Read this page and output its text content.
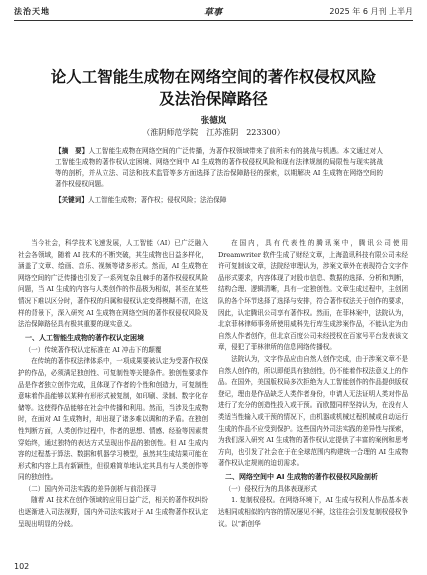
法治天地	草事	2025 年 6 月刊 上半月
论人工智能生成物在网络空间的著作权侵权风险
及法治保障路径
张德岚
（淮阴师范学院　江苏淮阴　223300）
【摘　要】人工智能生成物在网络空间的广泛传播，为著作权领域带来了前所未有的挑战与机遇。本文通过对人工智能生成物的著作权认定困境、网络空间中 AI 生成物的著作权侵权风险和现有法律规制的局限性与现实挑战等的剖析，并从立法、司法和技术监管等多方面选择了法治保障路径的探索，以期解决 AI 生成物在网络空间的著作权侵权问题。
【关键词】人工智能生成物；著作权；侵权风险；法治保障

当今社会，科学技术飞速发展，人工智能（AI）已广泛融入社会各领域，随着 AI 技术的不断突破，其生成物也日益多样化，涵盖了文章、绘画、音乐、视频等诸多形式。然而，AI 生成物在网络空间的广泛传播也引发了一系列复杂且棘手的著作权侵权风险问题，当 AI 生成的内容与人类创作的作品极为相似，甚至在某些情况下难以区分时，著作权的归属和侵权认定变得模糊不清，在这样的背景下，深入研究 AI 生成物在网络空间的著作权侵权风险及法治保障路径具有极其重要的现实意义。

一、人工智能生成物的著作权认定困境
（一）传统著作权认定标准在 AI 冲击下的颠覆

在传统的著作权法律体系中，一项成果要被认定为受著作权保护的作品，必须满足独创性、可复制性等关键条件。独创性要求作品是作者独立创作完成，且体现了作者的个性和创造力，可复制性意味着作品能够以某种有形形式被复制，如印刷、录制、数字化存储等。这使得作品能够在社会中传播和利用。然而，当涉及生成物时，在面对 AI 生成物时，却出现了诸多难以调和的矛盾。在独创性判断方面，人类创作过程中，作者的思想、情感、经验等因素贯穿始终，通过独特的表达方式呈现出作品的独创性。但 AI 生成内容的过程基于算法、数据和机器学习模型，虽然其生成结果可能在形式和内容上具有新颖性，但很难简单地认定其具有与人类创作等同的独创性。

（二）国内外司法实践的差异剖析与前沿探寻

随着 AI 技术在创作领域的应用日益广泛，相关的著作权纠纷也逐渐进入司法视野，国内外司法实践对于 AI 生成物著作权认定呈现出明显的分歧。

在国内，具有代表性的腾讯案中，腾讯公司使用 Dreamwriter 软件生成了财经文章，上海盈讯科技有限公司未经许可复制该文章，法院经审理认为，涉案文章外在表现符合文字作品形式要求，内容体现了对股市信息、数据的选择、分析和判断，结构合理、逻辑清晰，具有一定独创性。文章生成过程中，主创团队的各个环节选择了选择与安排，符合著作权法关于创作的要求，因此，认定腾讯公司享有著作权。然而，在菲林案中，法院认为，北京菲林律师事务所使用威科先行库生成涉案作品，不能认定为由自然人作者创作，但北京百度公司未经授权在百家号平台发表该文章，侵犯了菲林律所的信息网络传播权。

法院认为，文字作品应由自然人创作完成，由于涉案文章不是自然人创作的，所以即便具有独创性，仍不能着作权法意义上的作品。在国外，美国版权局多次拒绝为人工智能创作的作品提供版权登记，理由是作品缺乏人类作者身份，申请人无法证明人类对作品进行了充分的创造性投入或干预。而欧盟同样坚持认为，在没有人类适当性输入或干预的情况下，由机器或机械过程机械或自动运行生成的作品不应受到保护。这些国内外司法实践的差异性与探索，为我们深入研究 AI 生成物的著作权认定提供了丰富的案例和思考方向，也引发了社会在于在全球范围内构建统一合理的 AI 生成物著作权认定规则的迫切需求。

二、网络空间中 AI 生成物的著作权侵权风险剖析
（一）侵权行为的具体表现形式

1. 复制权侵权。在网络环境下，AI 生成与权利人作品基本表达相同或相似的内容的情况屡见不鲜，这往往会引发复制权侵权争议。以“新创华

102
